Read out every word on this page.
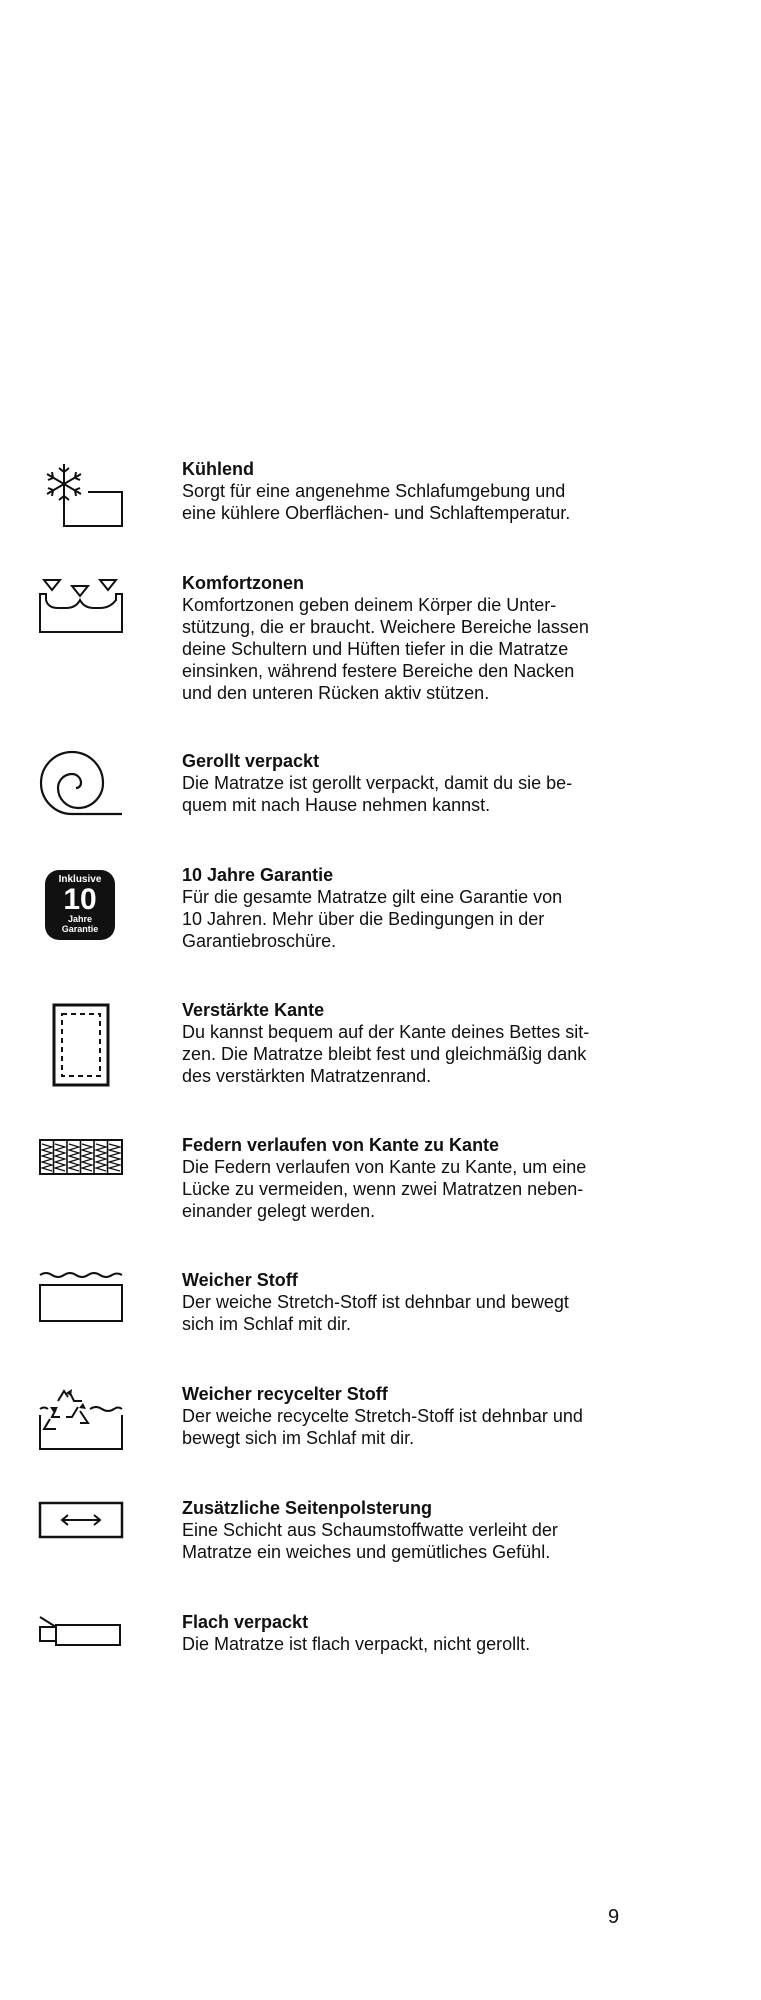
Kühlend
Sorgt für eine angenehme Schlafumgebung und
eine kühlere Oberflächen- und Schlaftemperatur.
Komfortzonen
Komfortzonen geben deinem Körper die Unter-
stützung, die er braucht. Weichere Bereiche lassen
deine Schultern und Hüften tiefer in die Matratze
einsinken, während festere Bereiche den Nacken
und den unteren Rücken aktiv stützen.
Gerollt verpackt
Die Matratze ist gerollt verpackt, damit du sie be-
quem mit nach Hause nehmen kannst.
Inklusive
10
Jahre
Garantie
10 Jahre Garantie
Für die gesamte Matratze gilt eine Garantie von
10 Jahren. Mehr über die Bedingungen in der
Garantiebroschüre.
Verstärkte Kante
Du kannst bequem auf der Kante deines Bettes sit-
zen. Die Matratze bleibt fest und gleichmäßig dank
des verstärkten Matratzenrand.
Federn verlaufen von Kante zu Kante
Die Federn verlaufen von Kante zu Kante, um eine
Lücke zu vermeiden, wenn zwei Matratzen neben-
einander gelegt werden.
Weicher Stoff
Der weiche Stretch-Stoff ist dehnbar und bewegt
sich im Schlaf mit dir.
Weicher recycelter Stoff
Der weiche recycelte Stretch-Stoff ist dehnbar und
bewegt sich im Schlaf mit dir.
Zusätzliche Seitenpolsterung
Eine Schicht aus Schaumstoffwatte verleiht der
Matratze ein weiches und gemütliches Gefühl.
Flach verpackt
Die Matratze ist flach verpackt, nicht gerollt.
9
